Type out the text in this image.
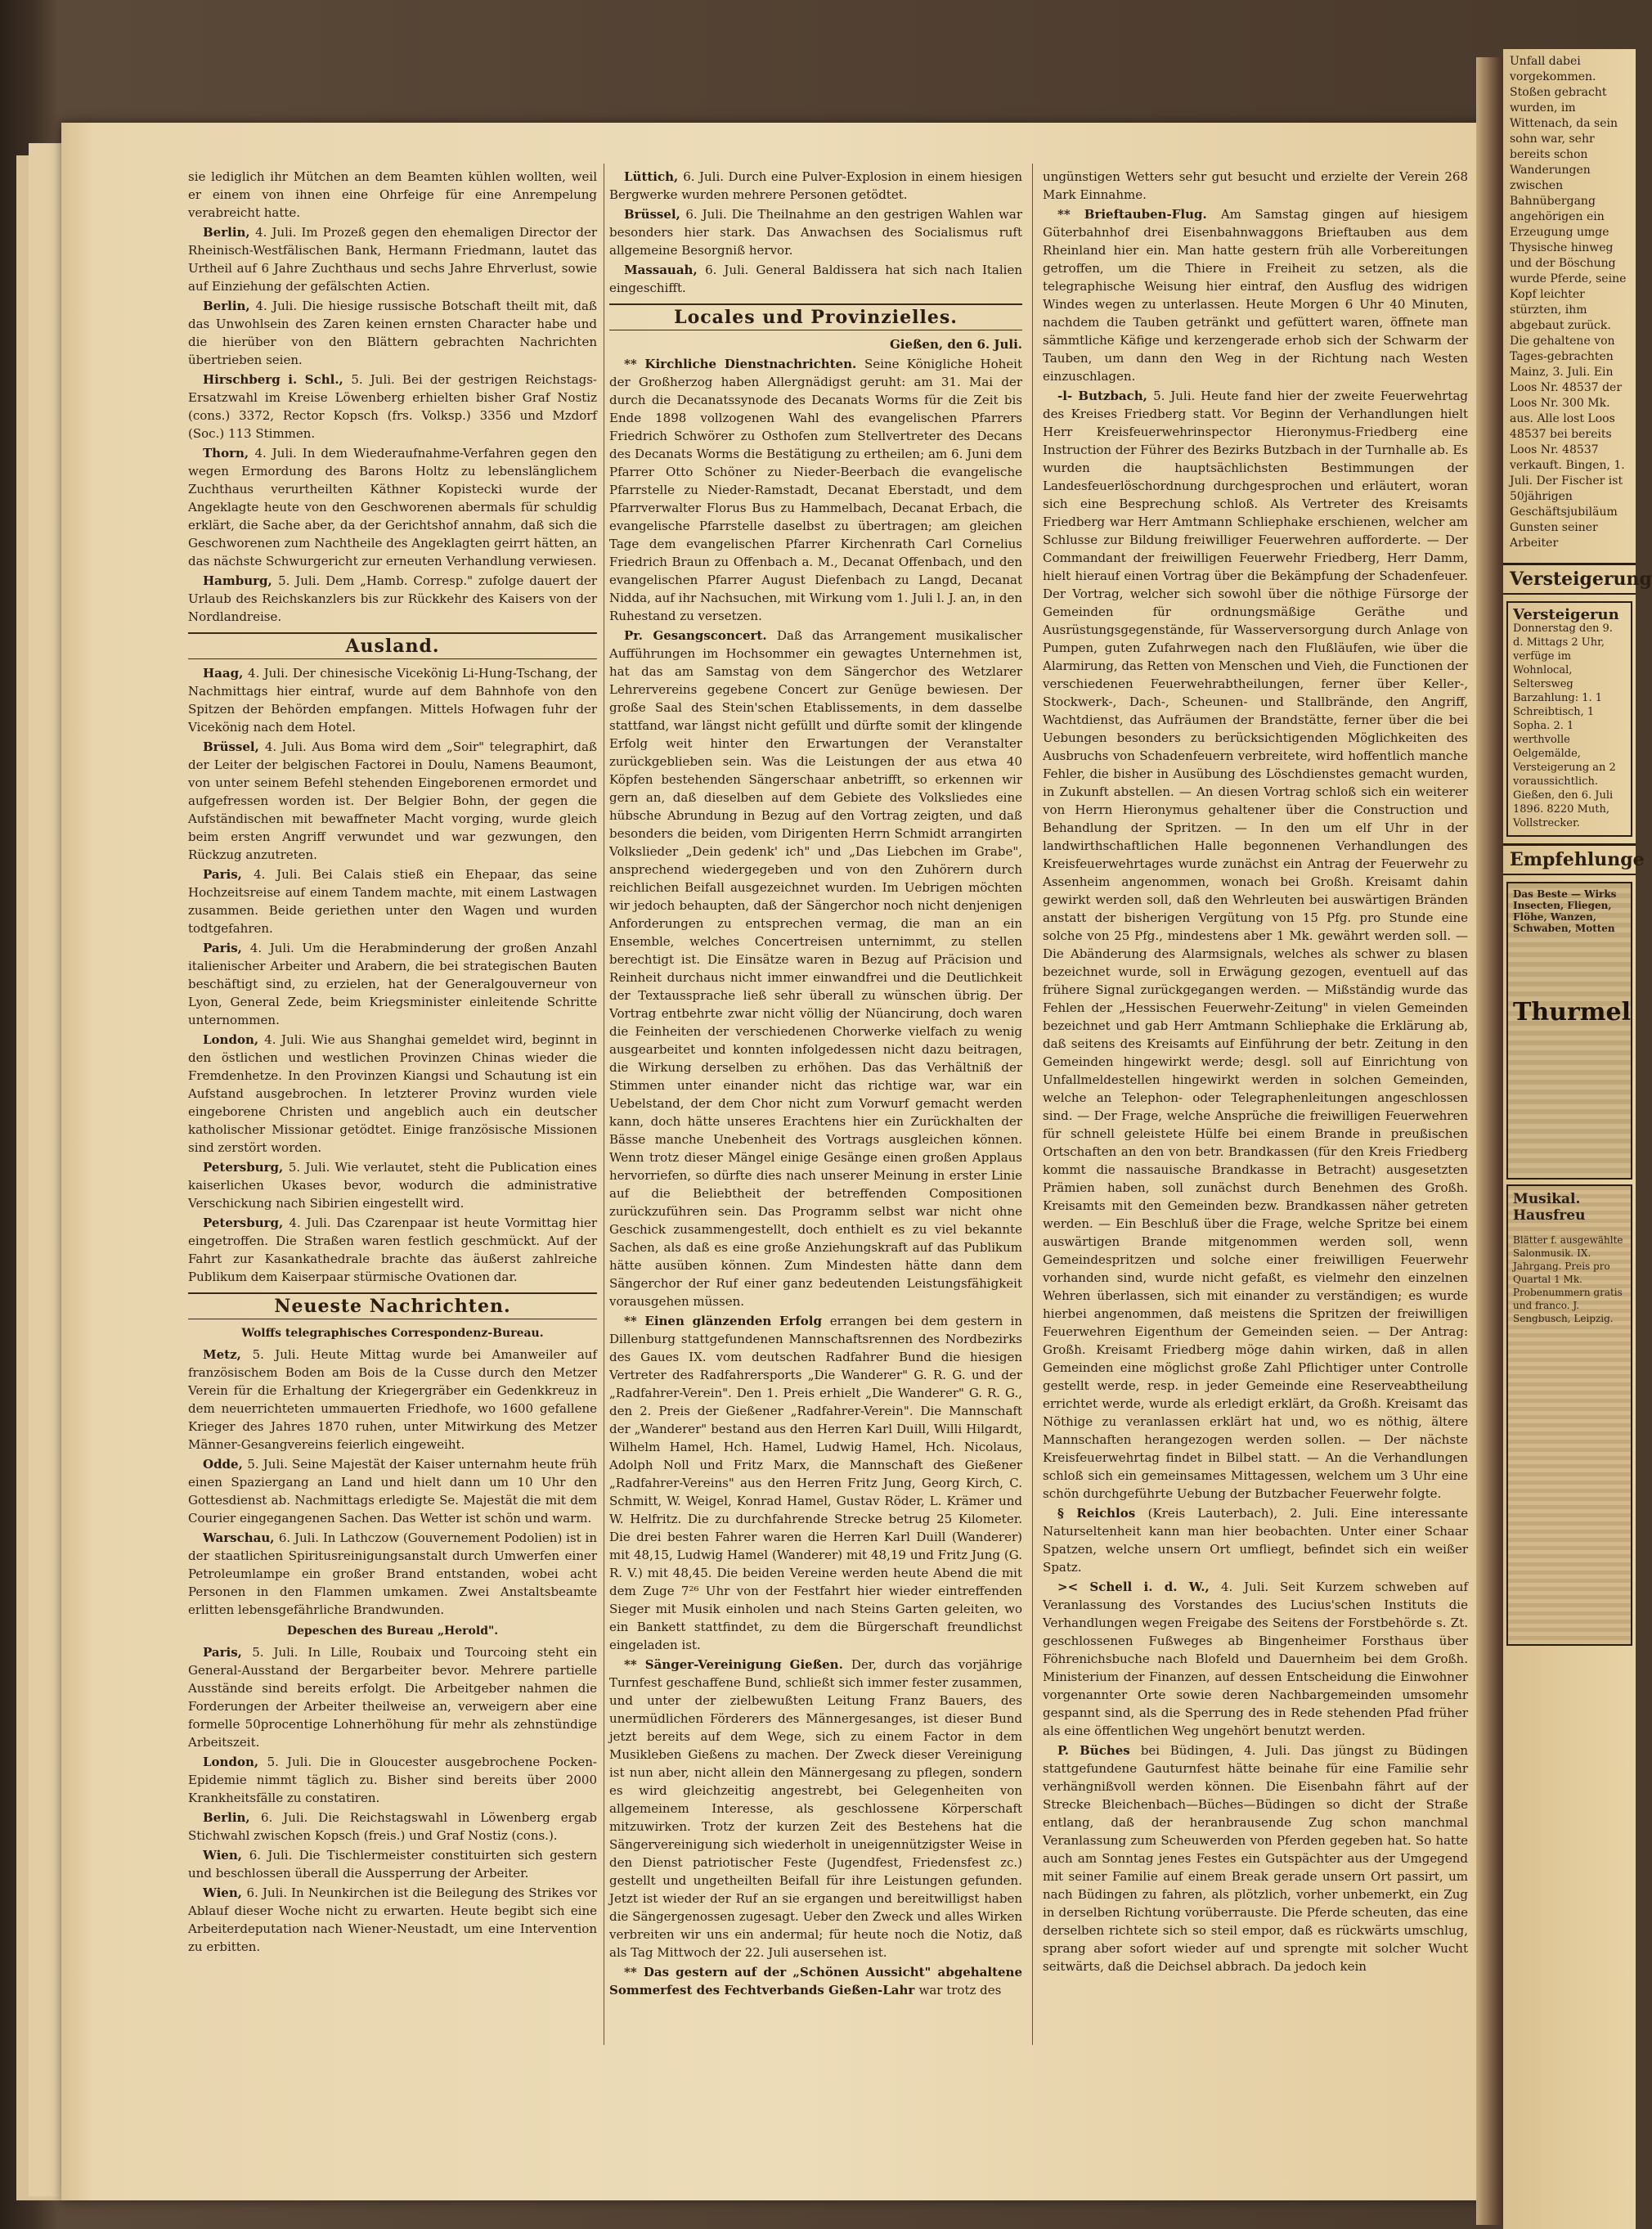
sie lediglich ihr Mütchen an dem Beamten kühlen wollten, weil er einem von ihnen eine Ohrfeige für eine Anrempelung verabreicht hatte.

Berlin, 4. Juli. Im Prozeß gegen den ehemaligen Director der Rheinisch-Westfälischen Bank, Hermann Friedmann, lautet das Urtheil auf 6 Jahre Zuchthaus und sechs Jahre Ehrverlust, sowie auf Einziehung der gefälschten Actien.

Berlin, 4. Juli. Die hiesige russische Botschaft theilt mit, daß das Unwohlsein des Zaren keinen ernsten Character habe und die hierüber von den Blättern gebrachten Nachrichten übertrieben seien.

Hirschberg i. Schl., 5. Juli. Bei der gestrigen Reichstags-Ersatzwahl im Kreise Löwenberg erhielten bisher Graf Nostiz (cons.) 3372, Rector Kopsch (frs. Volksp.) 3356 und Mzdorf (Soc.) 113 Stimmen.

Thorn, 4. Juli. In dem Wiederaufnahme-Verfahren gegen den wegen Ermordung des Barons Holtz zu lebenslänglichem Zuchthaus verurtheilten Käthner Kopistecki wurde der Angeklagte heute von den Geschworenen abermals für schuldig erklärt, die Sache aber, da der Gerichtshof annahm, daß sich die Geschworenen zum Nachtheile des Angeklagten geirrt hätten, an das nächste Schwurgericht zur erneuten Verhandlung verwiesen.

Hamburg, 5. Juli. Dem „Hamb. Corresp." zufolge dauert der Urlaub des Reichskanzlers bis zur Rückkehr des Kaisers von der Nordlandreise.

Ausland.

Haag, 4. Juli. Der chinesische Vicekönig Li-Hung-Tschang, der Nachmittags hier eintraf, wurde auf dem Bahnhofe von den Spitzen der Behörden empfangen. Mittels Hofwagen fuhr der Vicekönig nach dem Hotel.

Brüssel, 4. Juli. Aus Boma wird dem „Soir" telegraphirt, daß der Leiter der belgischen Factorei in Doulu, Namens Beaumont, von unter seinem Befehl stehenden Eingeborenen ermordet und aufgefressen worden ist. Der Belgier Bohn, der gegen die Aufständischen mit bewaffneter Macht vorging, wurde gleich beim ersten Angriff verwundet und war gezwungen, den Rückzug anzutreten.

Paris, 4. Juli. Bei Calais stieß ein Ehepaar, das seine Hochzeitsreise auf einem Tandem machte, mit einem Lastwagen zusammen. Beide geriethen unter den Wagen und wurden todtgefahren.

Paris, 4. Juli. Um die Herabminderung der großen Anzahl italienischer Arbeiter und Arabern, die bei strategischen Bauten beschäftigt sind, zu erzielen, hat der Generalgouverneur von Lyon, General Zede, beim Kriegsminister einleitende Schritte unternommen.

London, 4. Juli. Wie aus Shanghai gemeldet wird, beginnt in den östlichen und westlichen Provinzen Chinas wieder die Fremdenhetze. In den Provinzen Kiangsi und Schautung ist ein Aufstand ausgebrochen. In letzterer Provinz wurden viele eingeborene Christen und angeblich auch ein deutscher katholischer Missionar getödtet. Einige französische Missionen sind zerstört worden.

Petersburg, 5. Juli. Wie verlautet, steht die Publication eines kaiserlichen Ukases bevor, wodurch die administrative Verschickung nach Sibirien eingestellt wird.

Petersburg, 4. Juli. Das Czarenpaar ist heute Vormittag hier eingetroffen. Die Straßen waren festlich geschmückt. Auf der Fahrt zur Kasankathedrale brachte das äußerst zahlreiche Publikum dem Kaiserpaar stürmische Ovationen dar.

Neueste Nachrichten.
Wolffs telegraphisches Correspondenz-Bureau.

Metz, 5. Juli. Heute Mittag wurde bei Amanweiler auf französischem Boden am Bois de la Cusse durch den Metzer Verein für die Erhaltung der Kriegergräber ein Gedenkkreuz in dem neuerrichteten ummauerten Friedhofe, wo 1600 gefallene Krieger des Jahres 1870 ruhen, unter Mitwirkung des Metzer Männer-Gesangvereins feierlich eingeweiht.

Odde, 5. Juli. Seine Majestät der Kaiser unternahm heute früh einen Spaziergang an Land und hielt dann um 10 Uhr den Gottesdienst ab. Nachmittags erledigte Se. Majestät die mit dem Courier eingegangenen Sachen. Das Wetter ist schön und warm.

Warschau, 6. Juli. In Lathczow (Gouvernement Podolien) ist in der staatlichen Spiritusreinigungsanstalt durch Umwerfen einer Petroleumlampe ein großer Brand entstanden, wobei acht Personen in den Flammen umkamen. Zwei Anstaltsbeamte erlitten lebensgefährliche Brandwunden.

Depeschen des Bureau „Herold".

Paris, 5. Juli. In Lille, Roubaix und Tourcoing steht ein General-Ausstand der Bergarbeiter bevor. Mehrere partielle Ausstände sind bereits erfolgt. Die Arbeitgeber nahmen die Forderungen der Arbeiter theilweise an, verweigern aber eine formelle 50procentige Lohnerhöhung für mehr als zehnstündige Arbeitszeit.

London, 5. Juli. Die in Gloucester ausgebrochene Pocken-Epidemie nimmt täglich zu. Bisher sind bereits über 2000 Krankheitsfälle zu constatiren.

Berlin, 6. Juli. Die Reichstagswahl in Löwenberg ergab Stichwahl zwischen Kopsch (freis.) und Graf Nostiz (cons.).

Wien, 6. Juli. Die Tischlermeister constituirten sich gestern und beschlossen überall die Aussperrung der Arbeiter.

Wien, 6. Juli. In Neunkirchen ist die Beilegung des Strikes vor Ablauf dieser Woche nicht zu erwarten. Heute begibt sich eine Arbeiterdeputation nach Wiener-Neustadt, um eine Intervention zu erbitten.

Lüttich, 6. Juli. Durch eine Pulver-Explosion in einem hiesigen Bergwerke wurden mehrere Personen getödtet.

Brüssel, 6. Juli. Die Theilnahme an den gestrigen Wahlen war besonders hier stark. Das Anwachsen des Socialismus ruft allgemeine Besorgniß hervor.

Massauah, 6. Juli. General Baldissera hat sich nach Italien eingeschifft.

Locales und Provinzielles.
Gießen, den 6. Juli.

** Kirchliche Dienstnachrichten. Seine Königliche Hoheit der Großherzog haben Allergnädigst geruht: am 31. Mai der durch die Decanatssynode des Decanats Worms für die Zeit bis Ende 1898 vollzogenen Wahl des evangelischen Pfarrers Friedrich Schwörer zu Osthofen zum Stellvertreter des Decans des Decanats Worms die Bestätigung zu ertheilen; am 6. Juni dem Pfarrer Otto Schöner zu Nieder-Beerbach die evangelische Pfarrstelle zu Nieder-Ramstadt, Decanat Eberstadt, und dem Pfarrverwalter Florus Bus zu Hammelbach, Decanat Erbach, die evangelische Pfarrstelle daselbst zu übertragen; am gleichen Tage dem evangelischen Pfarrer Kirchenrath Carl Cornelius Friedrich Braun zu Offenbach a. M., Decanat Offenbach, und den evangelischen Pfarrer August Diefenbach zu Langd, Decanat Nidda, auf ihr Nachsuchen, mit Wirkung vom 1. Juli l. J. an, in den Ruhestand zu versetzen.

Pr. Gesangsconcert. Daß das Arrangement musikalischer Aufführungen im Hochsommer ein gewagtes Unternehmen ist, hat das am Samstag von dem Sängerchor des Wetzlarer Lehrervereins gegebene Concert zur Genüge bewiesen. Der große Saal des Stein'schen Etablissements, in dem dasselbe stattfand, war längst nicht gefüllt und dürfte somit der klingende Erfolg weit hinter den Erwartungen der Veranstalter zurückgeblieben sein. Was die Leistungen der aus etwa 40 Köpfen bestehenden Sängerschaar anbetrifft, so erkennen wir gern an, daß dieselben auf dem Gebiete des Volksliedes eine hübsche Abrundung in Bezug auf den Vortrag zeigten, und daß besonders die beiden, vom Dirigenten Herrn Schmidt arrangirten Volkslieder „Dein gedenk' ich" und „Das Liebchen im Grabe", ansprechend wiedergegeben und von den Zuhörern durch reichlichen Beifall ausgezeichnet wurden. Im Uebrigen möchten wir jedoch behaupten, daß der Sängerchor noch nicht denjenigen Anforderungen zu entsprechen vermag, die man an ein Ensemble, welches Concertreisen unternimmt, zu stellen berechtigt ist. Die Einsätze waren in Bezug auf Präcision und Reinheit durchaus nicht immer einwandfrei und die Deutlichkeit der Textaussprache ließ sehr überall zu wünschen übrig. Der Vortrag entbehrte zwar nicht völlig der Nüancirung, doch waren die Feinheiten der verschiedenen Chorwerke vielfach zu wenig ausgearbeitet und konnten infolgedessen nicht dazu beitragen, die Wirkung derselben zu erhöhen. Das das Verhältniß der Stimmen unter einander nicht das richtige war, war ein Uebelstand, der dem Chor nicht zum Vorwurf gemacht werden kann, doch hätte unseres Erachtens hier ein Zurückhalten der Bässe manche Unebenheit des Vortrags ausgleichen können. Wenn trotz dieser Mängel einige Gesänge einen großen Applaus hervorriefen, so dürfte dies nach unserer Meinung in erster Linie auf die Beliebtheit der betreffenden Compositionen zurückzuführen sein. Das Programm selbst war nicht ohne Geschick zusammengestellt, doch enthielt es zu viel bekannte Sachen, als daß es eine große Anziehungskraft auf das Publikum hätte ausüben können. Zum Mindesten hätte dann dem Sängerchor der Ruf einer ganz bedeutenden Leistungsfähigkeit vorausgehen müssen.

** Einen glänzenden Erfolg errangen bei dem gestern in Dillenburg stattgefundenen Mannschaftsrennen des Nordbezirks des Gaues IX. vom deutschen Radfahrer Bund die hiesigen Vertreter des Radfahrersports „Die Wanderer" G. R. G. und der „Radfahrer-Verein". Den 1. Preis erhielt „Die Wanderer" G. R. G., den 2. Preis der Gießener „Radfahrer-Verein". Die Mannschaft der „Wanderer" bestand aus den Herren Karl Duill, Willi Hilgardt, Wilhelm Hamel, Hch. Hamel, Ludwig Hamel, Hch. Nicolaus, Adolph Noll und Fritz Marx, die Mannschaft des Gießener „Radfahrer-Vereins" aus den Herren Fritz Jung, Georg Kirch, C. Schmitt, W. Weigel, Konrad Hamel, Gustav Röder, L. Krämer und W. Helfritz. Die zu durchfahrende Strecke betrug 25 Kilometer. Die drei besten Fahrer waren die Herren Karl Duill (Wanderer) mit 48,15, Ludwig Hamel (Wanderer) mit 48,19 und Fritz Jung (G. R. V.) mit 48,45. Die beiden Vereine werden heute Abend die mit dem Zuge 7²⁶ Uhr von der Festfahrt hier wieder eintreffenden Sieger mit Musik einholen und nach Steins Garten geleiten, wo ein Bankett stattfindet, zu dem die Bürgerschaft freundlichst eingeladen ist.

** Sänger-Vereinigung Gießen. Der, durch das vorjährige Turnfest geschaffene Bund, schließt sich immer fester zusammen, und unter der zielbewußten Leitung Franz Bauers, des unermüdlichen Förderers des Männergesanges, ist dieser Bund jetzt bereits auf dem Wege, sich zu einem Factor in dem Musikleben Gießens zu machen. Der Zweck dieser Vereinigung ist nun aber, nicht allein den Männergesang zu pflegen, sondern es wird gleichzeitig angestrebt, bei Gelegenheiten von allgemeinem Interesse, als geschlossene Körperschaft mitzuwirken. Trotz der kurzen Zeit des Bestehens hat die Sängervereinigung sich wiederholt in uneigennützigster Weise in den Dienst patriotischer Feste (Jugendfest, Friedensfest zc.) gestellt und ungetheilten Beifall für ihre Leistungen gefunden. Jetzt ist wieder der Ruf an sie ergangen und bereitwilligst haben die Sängergenossen zugesagt. Ueber den Zweck und alles Wirken verbreiten wir uns ein andermal; für heute noch die Notiz, daß als Tag Mittwoch der 22. Juli ausersehen ist.

** Das gestern auf der „Schönen Aussicht" abgehaltene Sommerfest des Fechtverbands Gießen-Lahr war trotz des

ungünstigen Wetters sehr gut besucht und erzielte der Verein 268 Mark Einnahme.

** Brieftauben-Flug. Am Samstag gingen auf hiesigem Güterbahnhof drei Eisenbahnwaggons Brieftauben aus dem Rheinland hier ein. Man hatte gestern früh alle Vorbereitungen getroffen, um die Thiere in Freiheit zu setzen, als die telegraphische Weisung hier eintraf, den Ausflug des widrigen Windes wegen zu unterlassen. Heute Morgen 6 Uhr 40 Minuten, nachdem die Tauben getränkt und gefüttert waren, öffnete man sämmtliche Käfige und kerzengerade erhob sich der Schwarm der Tauben, um dann den Weg in der Richtung nach Westen einzuschlagen.

-l- Butzbach, 5. Juli. Heute fand hier der zweite Feuerwehrtag des Kreises Friedberg statt. Vor Beginn der Verhandlungen hielt Herr Kreisfeuerwehrinspector Hieronymus-Friedberg eine Instruction der Führer des Bezirks Butzbach in der Turnhalle ab. Es wurden die hauptsächlichsten Bestimmungen der Landesfeuerlöschordnung durchgesprochen und erläutert, woran sich eine Besprechung schloß. Als Vertreter des Kreisamts Friedberg war Herr Amtmann Schliephake erschienen, welcher am Schlusse zur Bildung freiwilliger Feuerwehren aufforderte. — Der Commandant der freiwilligen Feuerwehr Friedberg, Herr Damm, hielt hierauf einen Vortrag über die Bekämpfung der Schadenfeuer. Der Vortrag, welcher sich sowohl über die nöthige Fürsorge der Gemeinden für ordnungsmäßige Geräthe und Ausrüstungsgegenstände, für Wasserversorgung durch Anlage von Pumpen, guten Zufahrwegen nach den Flußläufen, wie über die Alarmirung, das Retten von Menschen und Vieh, die Functionen der verschiedenen Feuerwehrabtheilungen, ferner über Keller-, Stockwerk-, Dach-, Scheunen- und Stallbrände, den Angriff, Wachtdienst, das Aufräumen der Brandstätte, ferner über die bei Uebungen besonders zu berücksichtigenden Möglichkeiten des Ausbruchs von Schadenfeuern verbreitete, wird hoffentlich manche Fehler, die bisher in Ausübung des Löschdienstes gemacht wurden, in Zukunft abstellen. — An diesen Vortrag schloß sich ein weiterer von Herrn Hieronymus gehaltener über die Construction und Behandlung der Spritzen. — In den um elf Uhr in der landwirthschaftlichen Halle begonnenen Verhandlungen des Kreisfeuerwehrtages wurde zunächst ein Antrag der Feuerwehr zu Assenheim angenommen, wonach bei Großh. Kreisamt dahin gewirkt werden soll, daß den Wehrleuten bei auswärtigen Bränden anstatt der bisherigen Vergütung von 15 Pfg. pro Stunde eine solche von 25 Pfg., mindestens aber 1 Mk. gewährt werden soll. — Die Abänderung des Alarmsignals, welches als schwer zu blasen bezeichnet wurde, soll in Erwägung gezogen, eventuell auf das frühere Signal zurückgegangen werden. — Mißständig wurde das Fehlen der „Hessischen Feuerwehr-Zeitung" in vielen Gemeinden bezeichnet und gab Herr Amtmann Schliephake die Erklärung ab, daß seitens des Kreisamts auf Einführung der betr. Zeitung in den Gemeinden hingewirkt werde; desgl. soll auf Einrichtung von Unfallmeldestellen hingewirkt werden in solchen Gemeinden, welche an Telephon- oder Telegraphenleitungen angeschlossen sind. — Der Frage, welche Ansprüche die freiwilligen Feuerwehren für schnell geleistete Hülfe bei einem Brande in preußischen Ortschaften an den von betr. Brandkassen (für den Kreis Friedberg kommt die nassauische Brandkasse in Betracht) ausgesetzten Prämien haben, soll zunächst durch Benehmen des Großh. Kreisamts mit den Gemeinden bezw. Brandkassen näher getreten werden. — Ein Beschluß über die Frage, welche Spritze bei einem auswärtigen Brande mitgenommen werden soll, wenn Gemeindespritzen und solche einer freiwilligen Feuerwehr vorhanden sind, wurde nicht gefaßt, es vielmehr den einzelnen Wehren überlassen, sich mit einander zu verständigen; es wurde hierbei angenommen, daß meistens die Spritzen der freiwilligen Feuerwehren Eigenthum der Gemeinden seien. — Der Antrag: Großh. Kreisamt Friedberg möge dahin wirken, daß in allen Gemeinden eine möglichst große Zahl Pflichtiger unter Controlle gestellt werde, resp. in jeder Gemeinde eine Reserveabtheilung errichtet werde, wurde als erledigt erklärt, da Großh. Kreisamt das Nöthige zu veranlassen erklärt hat und, wo es nöthig, ältere Mannschaften herangezogen werden sollen. — Der nächste Kreisfeuerwehrtag findet in Bilbel statt. — An die Verhandlungen schloß sich ein gemeinsames Mittagessen, welchem um 3 Uhr eine schön durchgeführte Uebung der Butzbacher Feuerwehr folgte.

§ Reichlos (Kreis Lauterbach), 2. Juli. Eine interessante Naturseltenheit kann man hier beobachten. Unter einer Schaar Spatzen, welche unsern Ort umfliegt, befindet sich ein weißer Spatz.

>< Schell i. d. W., 4. Juli. Seit Kurzem schweben auf Veranlassung des Vorstandes des Lucius'schen Instituts die Verhandlungen wegen Freigabe des Seitens der Forstbehörde s. Zt. geschlossenen Fußweges ab Bingenheimer Forsthaus über Föhrenichsbuche nach Blofeld und Dauernheim bei dem Großh. Ministerium der Finanzen, auf dessen Entscheidung die Einwohner vorgenannter Orte sowie deren Nachbargemeinden umsomehr gespannt sind, als die Sperrung des in Rede stehenden Pfad früher als eine öffentlichen Weg ungehört benutzt werden.

P. Büches bei Büdingen, 4. Juli. Das jüngst zu Büdingen stattgefundene Gauturnfest hätte beinahe für eine Familie sehr verhängnißvoll werden können. Die Eisenbahn fährt auf der Strecke Bleichenbach—Büches—Büdingen so dicht der Straße entlang, daß der heranbrausende Zug schon manchmal Veranlassung zum Scheuwerden von Pferden gegeben hat. So hatte auch am Sonntag jenes Festes ein Gutspächter aus der Umgegend mit seiner Familie auf einem Break gerade unsern Ort passirt, um nach Büdingen zu fahren, als plötzlich, vorher unbemerkt, ein Zug in derselben Richtung vorüberrauste. Die Pferde scheuten, das eine derselben richtete sich so steil empor, daß es rückwärts umschlug, sprang aber sofort wieder auf und sprengte mit solcher Wucht seitwärts, daß die Deichsel abbrach. Da jedoch kein

Unfall dabei vorgekommen. Stoßen gebracht wurden, im Wittenach, da sein sohn war, sehr bereits schon Wanderungen zwischen Bahnübergang angehörigen ein Erzeugung umge Thysische hinweg und der Böschung wurde Pferde, seine Kopf leichter stürzten, ihm abgebaut zurück. Die gehaltene von Tages-gebrachten Mainz, 3. Juli. Ein Loos Nr. 48537 der Loos Nr. 300 Mk. aus. Alle lost Loos 48537 bei bereits Loos Nr. 48537 verkauft. Bingen, 1. Juli. Der Fischer ist 50jährigen Geschäftsjubiläum Gunsten seiner Arbeiter
Versteigerung
Versteigerun
Donnerstag den 9. d. Mittags 2 Uhr, verfüge im Wohnlocal, Seltersweg Barzahlung: 1. 1 Schreibtisch, 1 Sopha. 2. 1 werthvolle Oelgemälde, Versteigerung an 2 voraussichtlich. Gießen, den 6. Juli 1896. 8220 Muth, Vollstrecker.
Empfehlunge
Das Beste — Wirks Insecten, Fliegen, Flöhe, Wanzen, Schwaben, Motten
Thurmel
Musikal. Hausfreu
Blätter f. ausgewählte Salonmusik. IX. Jahrgang. Preis pro Quartal 1 Mk. Probenummern gratis und franco. J. Sengbusch, Leipzig.
